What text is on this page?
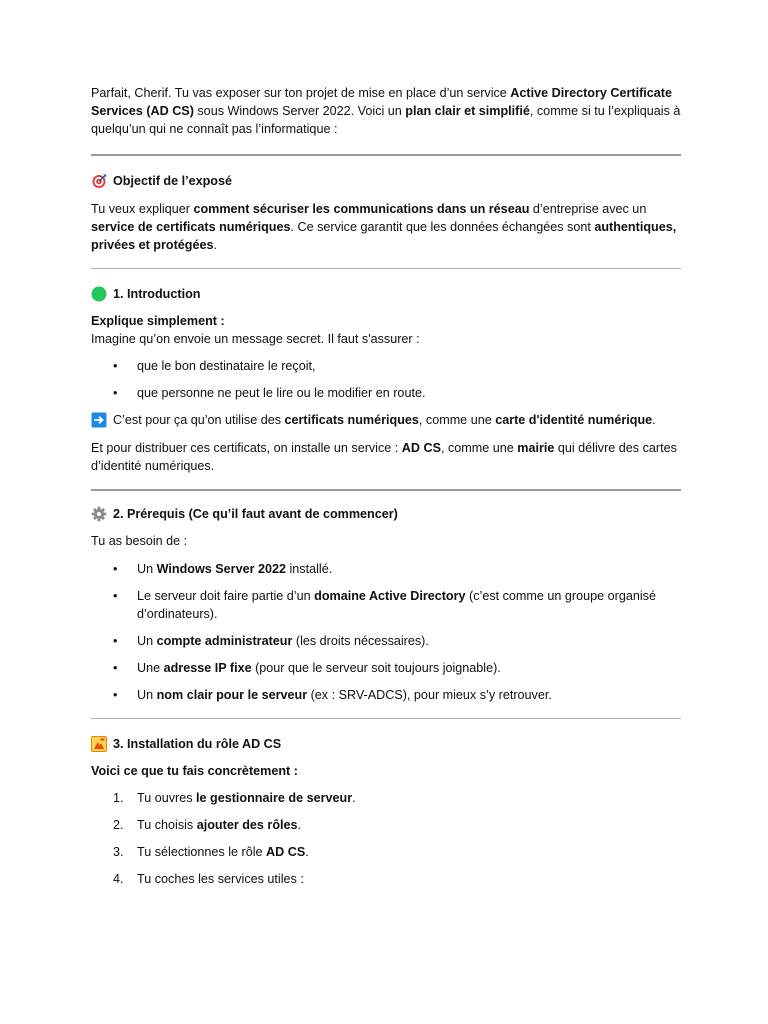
Parfait, Cherif. Tu vas exposer sur ton projet de mise en place d’un service Active Directory Certificate Services (AD CS) sous Windows Server 2022. Voici un plan clair et simplifié, comme si tu l’expliquais à quelqu’un qui ne connaît pas l’informatique :

Objectif de l’exposé

Tu veux expliquer comment sécuriser les communications dans un réseau d’entreprise avec un service de certificats numériques. Ce service garantit que les données échangées sont authentiques, privées et protégées.

1. Introduction

Explique simplement :

Imagine qu’on envoie un message secret. Il faut s'assurer :

• que le bon destinataire le reçoit,
• que personne ne peut le lire ou le modifier en route.

C’est pour ça qu’on utilise des certificats numériques, comme une carte d'identité numérique.

Et pour distribuer ces certificats, on installe un service : AD CS, comme une mairie qui délivre des cartes d’identité numériques.

2. Prérequis (Ce qu’il faut avant de commencer)

Tu as besoin de :

• Un Windows Server 2022 installé.
• Le serveur doit faire partie d’un domaine Active Directory (c’est comme un groupe organisé d’ordinateurs).
• Un compte administrateur (les droits nécessaires).
• Une adresse IP fixe (pour que le serveur soit toujours joignable).
• Un nom clair pour le serveur (ex : SRV-ADCS), pour mieux s’y retrouver.
3. Installation du rôle AD CS

Voici ce que tu fais concrètement :

1. Tu ouvres le gestionnaire de serveur.
2. Tu choisis ajouter des rôles.
3. Tu sélectionnes le rôle AD CS.
4. Tu coches les services utiles :
